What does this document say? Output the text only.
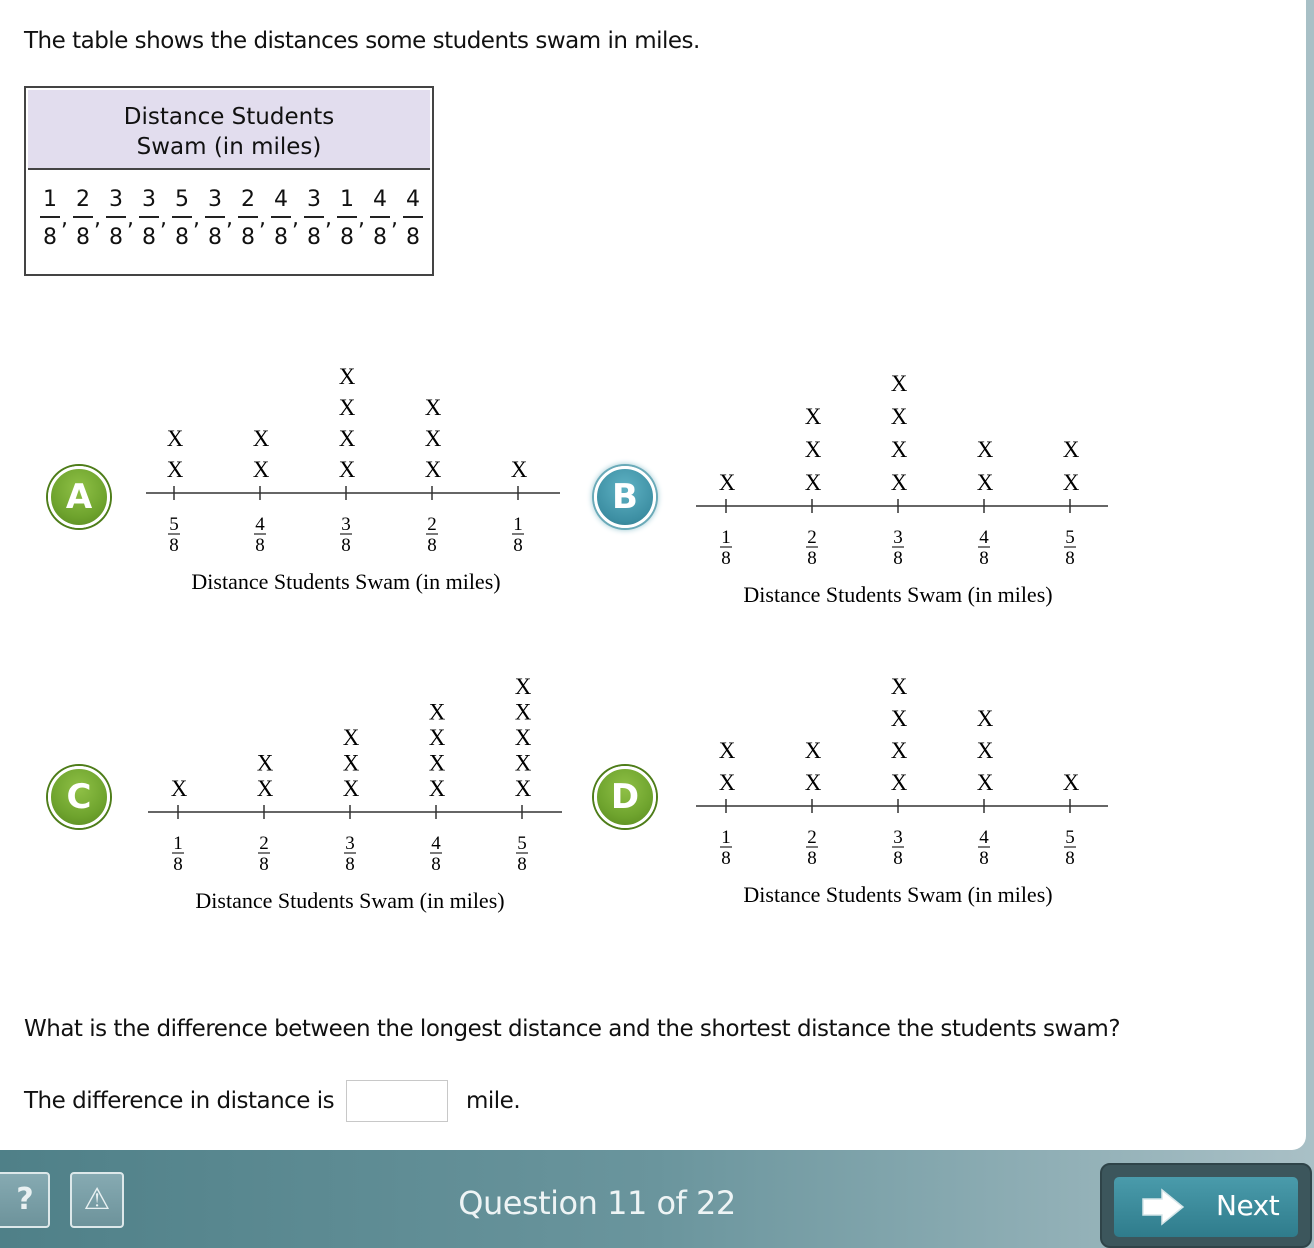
The table shows the distances some students swam in miles.
Distance Students
Swam (in miles)
$\frac{1}{8}$ , $\frac{2}{8}$ , $\frac{3}{8}$ , $\frac{3}{8}$ , $\frac{5}{8}$ , $\frac{3}{8}$ , $\frac{2}{8}$ , $\frac{4}{8}$ , $\frac{3}{8}$ , $\frac{1}{8}$ , $\frac{4}{8}$ , $\frac{4}{8}$
A
5
8
X
X
4
8
X
X
3
8
X
X
X
X
2
8
X
X
X
1
8
X
Distance Students Swam (in miles)
B
1
8
X
2
8
X
X
X
3
8
X
X
X
X
4
8
X
X
5
8
X
X
Distance Students Swam (in miles)
C
1
8
X
2
8
X
X
3
8
X
X
X
4
8
X
X
X
X
5
8
X
X
X
X
X
Distance Students Swam (in miles)
D
1
8
X
X
2
8
X
X
3
8
X
X
X
X
4
8
X
X
X
5
8
X
Distance Students Swam (in miles)
What is the difference between the longest distance and the shortest distance the students swam?
The difference in distance is	mile.
?	⚠	Question 11 of 22	Next
